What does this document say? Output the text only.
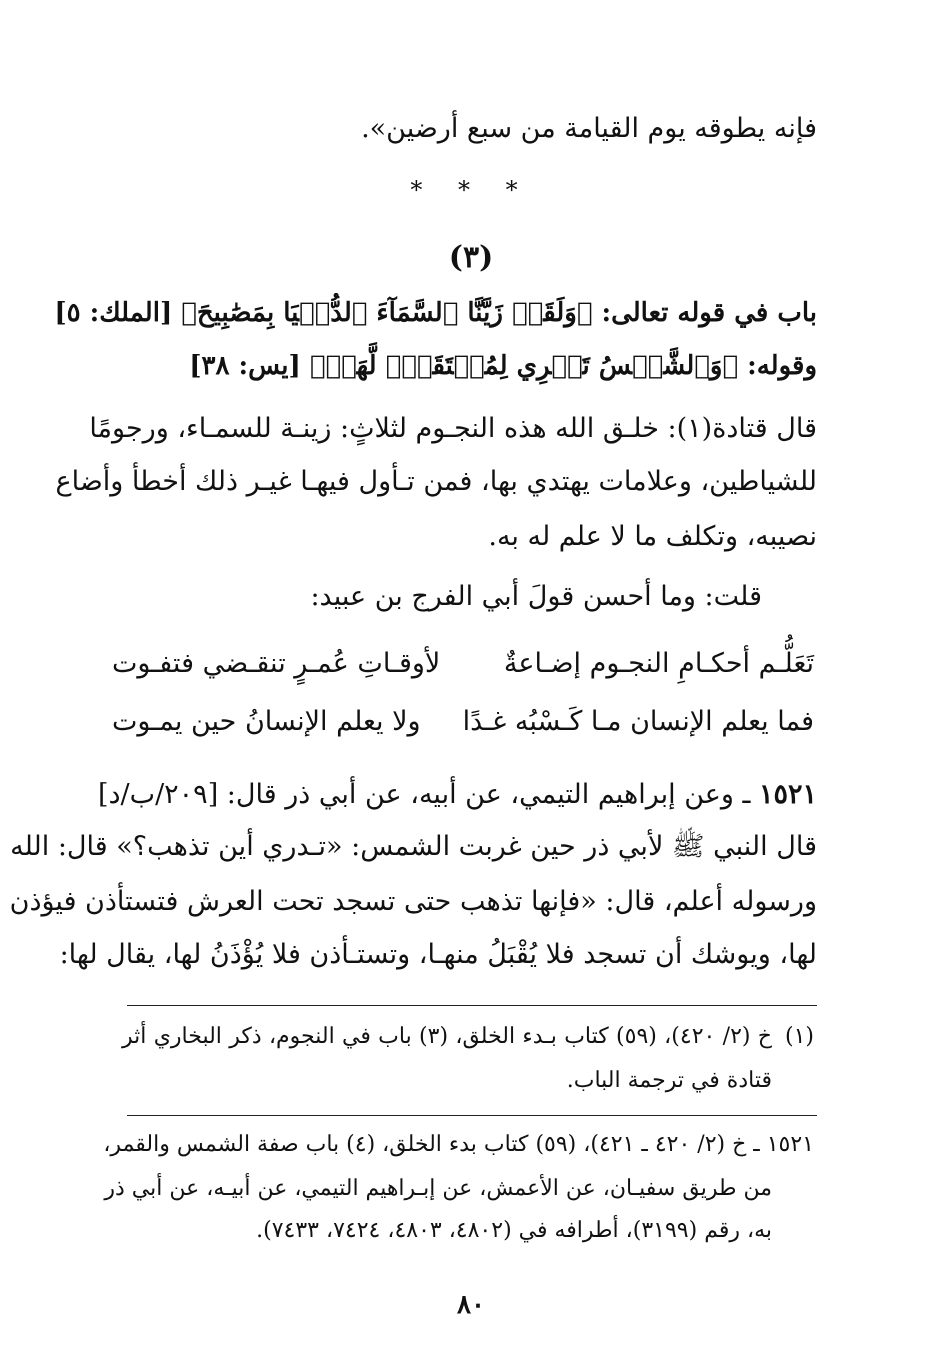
فإنه يطوقه يوم القيامة من سبع أرضين».
* * *
(٣)
باب في قوله تعالى: ﴿وَلَقَدۡ زَيَّنَّا ٱلسَّمَآءَ ٱلدُّنۡيَا بِمَصَٰبِيحَ﴾ [الملك: ٥]
وقوله: ﴿وَٱلشَّمۡسُ تَجۡرِي لِمُسۡتَقَرّٖ لَّهَاۚ﴾ [يس: ٣٨]
قال قتادة(١): خلـق الله هذه النجـوم لثلاثٍ: زينـة للسمـاء، ورجومًا
للشياطين، وعلامات يهتدي بها، فمن تـأول فيهـا غيـر ذلك أخطأ وأضاع
نصيبه، وتكلف ما لا علم له به.
قلت: وما أحسن قولَ أبي الفرج بن عبيد:
تَعَلُّـم أحكـامِ النجـوم إضـاعةٌ
لأوقـاتِ عُمـرٍ تنقـضي فتفـوت
فما يعلم الإنسان مـا كَـسْبُه غـدًا
ولا يعلم الإنسانُ حين يمـوت
١٥٢١ ـ وعن إبراهيم التيمي، عن أبيه، عن أبي ذر قال: [٢٠٩/ب/د]
قال النبي ﷺ لأبي ذر حين غربت الشمس: «تـدري أين تذهب؟» قال: الله
ورسوله أعلم، قال: «فإنها تذهب حتى تسجد تحت العرش فتستأذن فيؤذن
لها، ويوشك أن تسجد فلا يُقْبَلُ منهـا، وتستـأذن فلا يُؤْذَنُ لها، يقال لها:
(١)
خ (٢/ ٤٢٠)، (٥٩) كتاب بـدء الخلق، (٣) باب في النجوم، ذكر البخاري أثر
قتادة في ترجمة الباب.
١٥٢١ ـ خ (٢/ ٤٢٠ ـ ٤٢١)، (٥٩) كتاب بدء الخلق، (٤) باب صفة الشمس والقمر،
من طريق سفيـان، عن الأعمش، عن إبـراهيم التيمي، عن أبيـه، عن أبي ذر
به، رقم (٣١٩٩)، أطرافه في (٤٨٠٢، ٤٨٠٣، ٧٤٢٤، ٧٤٣٣).
٨٠
